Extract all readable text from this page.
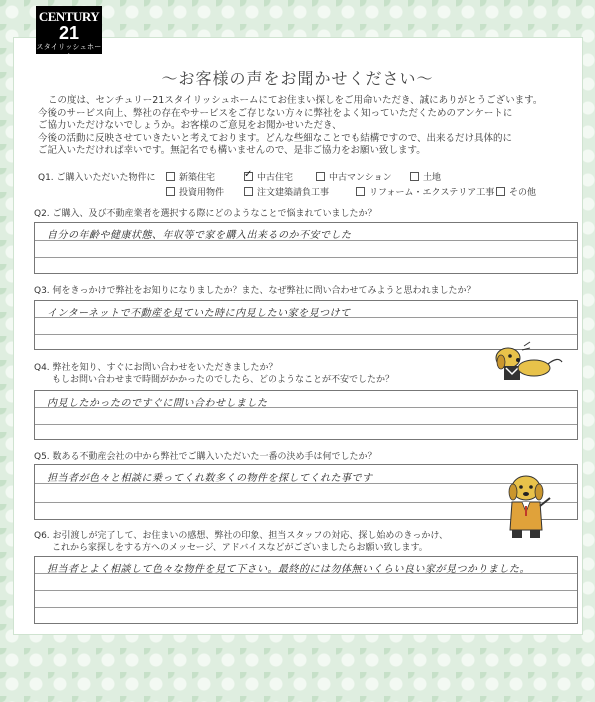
CENTURY
21
スタイリッシュホーム
～お客様の声をお聞かせください～

この度は、センチュリー21スタイリッシュホームにてお住まい探しをご用命いただき、誠にありがとうございます。

今後のサービス向上、弊社の存在やサービスをご存じない方々に弊社をよく知っていただくためのアンケートに

ご協力いただけないでしょうか。お客様のご意見をお聞かせいただき、

今後の活動に反映させていきたいと考えております。どんな些細なことでも結構ですので、出来るだけ具体的に

ご記入いただければ幸いです。無記名でも構いませんので、是非ご協力をお願い致します。

Q1. ご購入いただいた物件に	新築住宅
✓	中古住宅	中古マンション	土地
投資用物件	注文建築請負工事	リフォーム・エクステリア工事	その他
Q2. ご購入、及び不動産業者を選択する際にどのようなことで悩まれていましたか？
自分の年齢や健康状態、年収等で家を購入出来るのか不安でした
Q3. 何をきっかけで弊社をお知りになりましたか？また、なぜ弊社に問い合わせてみようと思われましたか？
インターネットで不動産を見ていた時に内見したい家を見つけて
Q4. 弊社を知り、すぐにお問い合わせをいただきましたか？
　　もしお問い合わせまで時間がかかったのでしたら、どのようなことが不安でしたか？
内見したかったのですぐに問い合わせしました
Q5. 数ある不動産会社の中から弊社でご購入いただいた一番の決め手は何でしたか？
担当者が色々と相談に乗ってくれ数多くの物件を探してくれた事です
Q6. お引渡しが完了して、お住まいの感想、弊社の印象、担当スタッフの対応、探し始めのきっかけ、
　　これから家探しをする方へのメッセージ、アドバイスなどがございましたらお願い致します。
担当者とよく相談して色々な物件を見て下さい。最終的には勿体無いくらい良い家が見つかりました。
